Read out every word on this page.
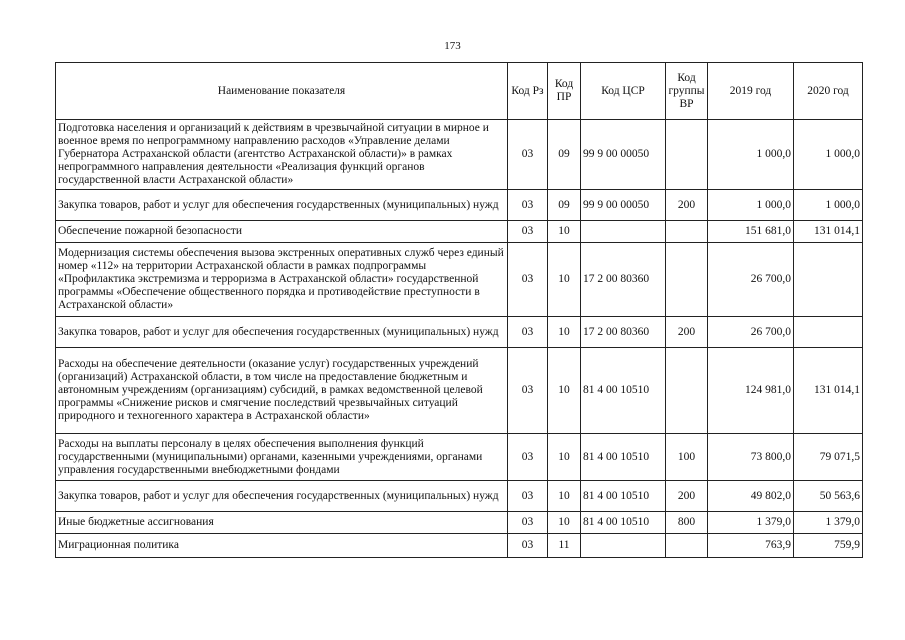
173
Наименование показателя	Код Рз	Код ПР	Код ЦСР	Код группы ВР	2019 год	2020 год
Подготовка населения и организаций к действиям в чрезвычайной ситуации в мирное и военное время по непрограммному направлению расходов «Управление делами Губернатора Астраханской области (агентство Астраханской области)» в рамках непрограммного направления деятельности «Реализация функций органов государственной власти Астраханской области»	03	09	99 9 00 00050		1 000,0	1 000,0
Закупка товаров, работ и услуг для обеспечения государственных (муниципальных) нужд	03	09	99 9 00 00050	200	1 000,0	1 000,0
Обеспечение пожарной безопасности	03	10			151 681,0	131 014,1
Модернизация системы обеспечения вызова экстренных оперативных служб через единый номер «112» на территории Астраханской области в рамках подпрограммы «Профилактика экстремизма и терроризма в Астраханской области» государственной программы «Обеспечение общественного порядка и противодействие преступности в Астраханской области»	03	10	17 2 00 80360		26 700,0	
Закупка товаров, работ и услуг для обеспечения государственных (муниципальных) нужд	03	10	17 2 00 80360	200	26 700,0	
Расходы на обеспечение деятельности (оказание услуг) государственных учреждений (организаций) Астраханской области, в том числе на предоставление бюджетным и автономным учреждениям (организациям) субсидий, в рамках ведомственной целевой программы «Снижение рисков и смягчение последствий чрезвычайных ситуаций природного и техногенного характера в Астраханской области»	03	10	81 4 00 10510		124 981,0	131 014,1
Расходы на выплаты персоналу в целях обеспечения выполнения функций государственными (муниципальными) органами, казенными учреждениями, органами управления государственными внебюджетными фондами	03	10	81 4 00 10510	100	73 800,0	79 071,5
Закупка товаров, работ и услуг для обеспечения государственных (муниципальных) нужд	03	10	81 4 00 10510	200	49 802,0	50 563,6
Иные бюджетные ассигнования	03	10	81 4 00 10510	800	1 379,0	1 379,0
Миграционная политика	03	11			763,9	759,9
